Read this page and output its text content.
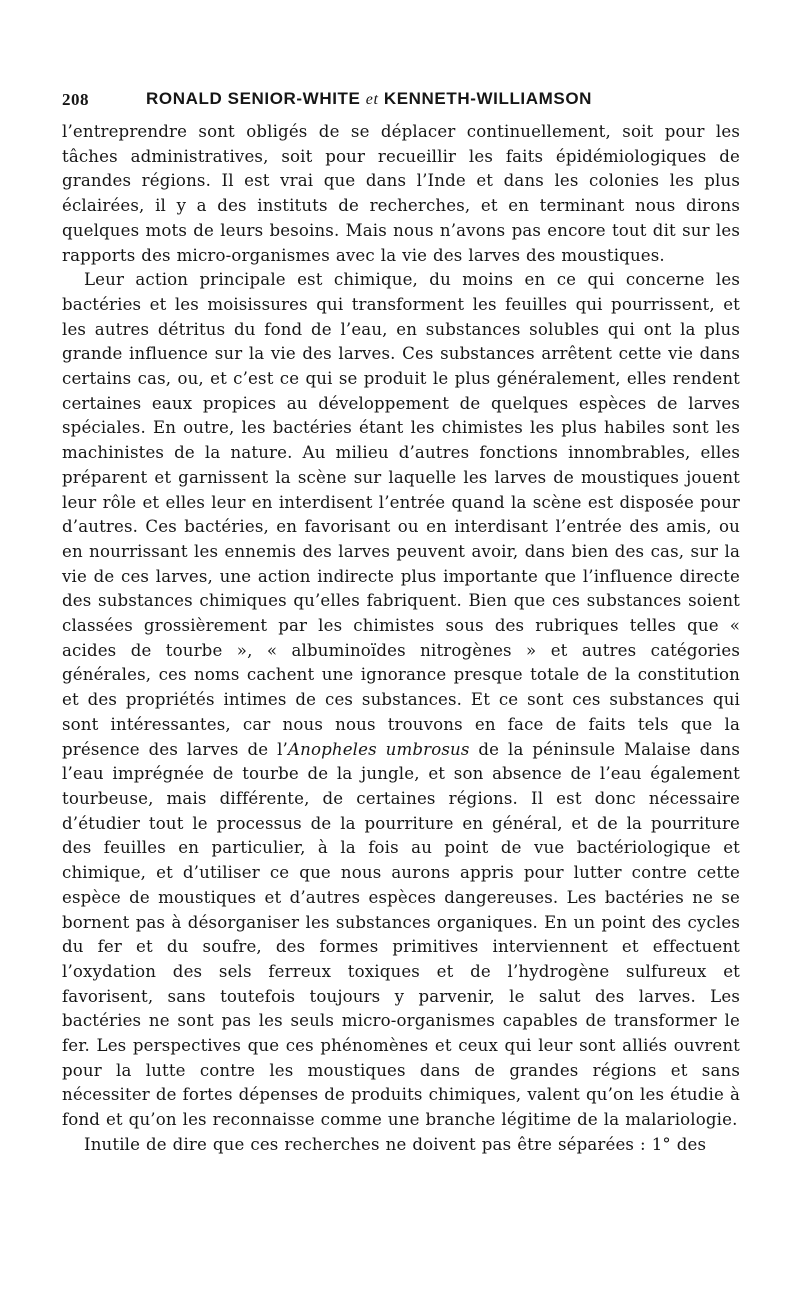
208	RONALD SENIOR-WHITE et KENNETH-WILLIAMSON

l’entreprendre sont obligés de se déplacer continuellement, soit pour les tâches administratives, soit pour recueillir les faits épidémiologiques de grandes régions. Il est vrai que dans l’Inde et dans les colonies les plus éclairées, il y a des instituts de recherches, et en terminant nous dirons quelques mots de leurs besoins. Mais nous n’avons pas encore tout dit sur les rapports des micro-organismes avec la vie des larves des moustiques.

Leur action principale est chimique, du moins en ce qui concerne les bactéries et les moisissures qui transforment les feuilles qui pourrissent, et les autres détritus du fond de l’eau, en substances solubles qui ont la plus grande influence sur la vie des larves. Ces substances arrêtent cette vie dans certains cas, ou, et c’est ce qui se produit le plus généralement, elles rendent certaines eaux propices au développement de quelques espèces de larves spéciales. En outre, les bactéries étant les chimistes les plus habiles sont les machinistes de la nature. Au milieu d’autres fonctions innombrables, elles préparent et garnissent la scène sur laquelle les larves de moustiques jouent leur rôle et elles leur en interdisent l’entrée quand la scène est disposée pour d’autres. Ces bactéries, en favorisant ou en interdisant l’entrée des amis, ou en nourrissant les ennemis des larves peuvent avoir, dans bien des cas, sur la vie de ces larves, une action indirecte plus importante que l’influence directe des substances chimiques qu’elles fabriquent. Bien que ces substances soient classées grossièrement par les chimistes sous des rubriques telles que « acides de tourbe », « albuminoïdes nitrogènes » et autres catégories générales, ces noms cachent une ignorance presque totale de la constitution et des propriétés intimes de ces substances. Et ce sont ces substances qui sont intéressantes, car nous nous trouvons en face de faits tels que la présence des larves de l’Anopheles umbrosus de la péninsule Malaise dans l’eau imprégnée de tourbe de la jungle, et son absence de l’eau également tourbeuse, mais différente, de certaines régions. Il est donc nécessaire d’étudier tout le processus de la pourriture en général, et de la pourriture des feuilles en particulier, à la fois au point de vue bactériologique et chimique, et d’utiliser ce que nous aurons appris pour lutter contre cette espèce de moustiques et d’autres espèces dangereuses. Les bactéries ne se bornent pas à désorganiser les substances organiques. En un point des cycles du fer et du soufre, des formes primitives interviennent et effectuent l’oxydation des sels ferreux toxiques et de l’hydrogène sulfureux et favorisent, sans toutefois toujours y parvenir, le salut des larves. Les bactéries ne sont pas les seuls micro-organismes capables de transformer le fer. Les perspectives que ces phénomènes et ceux qui leur sont alliés ouvrent pour la lutte contre les moustiques dans de grandes régions et sans nécessiter de fortes dépenses de produits chimiques, valent qu’on les étudie à fond et qu’on les reconnaisse comme une branche légitime de la malariologie.

Inutile de dire que ces recherches ne doivent pas être séparées : 1° des
